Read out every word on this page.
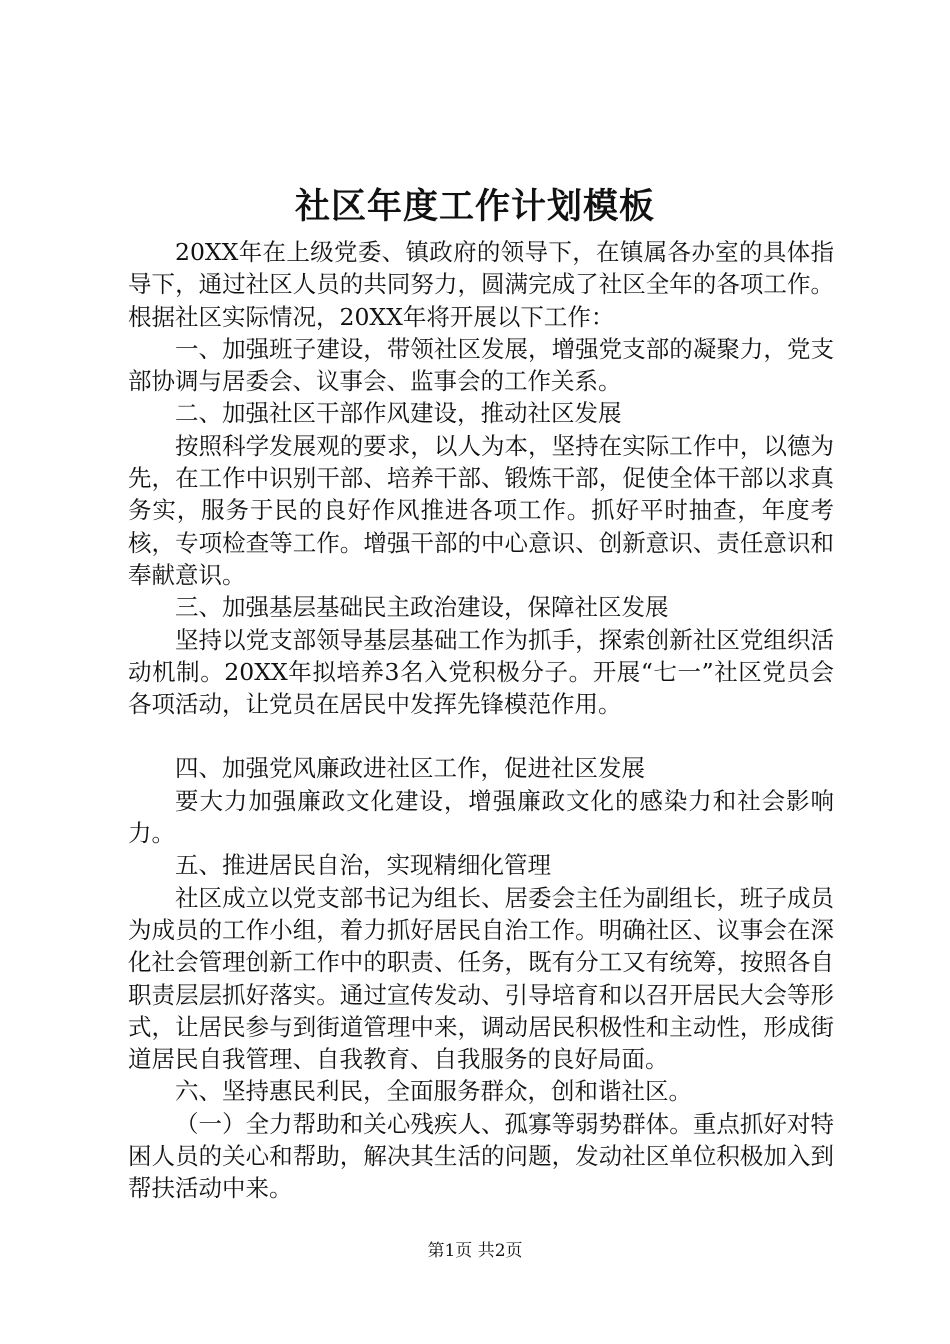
社区年度工作计划模板

20XX年在上级党委、镇政府的领导下，在镇属各办室的具体指导下，通过社区人员的共同努力，圆满完成了社区全年的各项工作。根据社区实际情况，20XX年将开展以下工作：

一、加强班子建设，带领社区发展，增强党支部的凝聚力，党支部协调与居委会、议事会、监事会的工作关系。

二、加强社区干部作风建设，推动社区发展

按照科学发展观的要求，以人为本，坚持在实际工作中，以德为先，在工作中识别干部、培养干部、锻炼干部，促使全体干部以求真务实，服务于民的良好作风推进各项工作。抓好平时抽查，年度考核，专项检查等工作。增强干部的中心意识、创新意识、责任意识和奉献意识。

三、加强基层基础民主政治建设，保障社区发展

坚持以党支部领导基层基础工作为抓手，探索创新社区党组织活动机制。20XX年拟培养3名入党积极分子。开展“七一”社区党员会各项活动，让党员在居民中发挥先锋模范作用。

四、加强党风廉政进社区工作，促进社区发展

要大力加强廉政文化建设，增强廉政文化的感染力和社会影响力。

五、推进居民自治，实现精细化管理

社区成立以党支部书记为组长、居委会主任为副组长，班子成员为成员的工作小组，着力抓好居民自治工作。明确社区、议事会在深化社会管理创新工作中的职责、任务，既有分工又有统筹，按照各自职责层层抓好落实。通过宣传发动、引导培育和以召开居民大会等形式，让居民参与到街道管理中来，调动居民积极性和主动性，形成街道居民自我管理、自我教育、自我服务的良好局面。

六、坚持惠民利民，全面服务群众，创和谐社区。

（一）全力帮助和关心残疾人、孤寡等弱势群体。重点抓好对特困人员的关心和帮助，解决其生活的问题，发动社区单位积极加入到帮扶活动中来。

第1页 共2页
